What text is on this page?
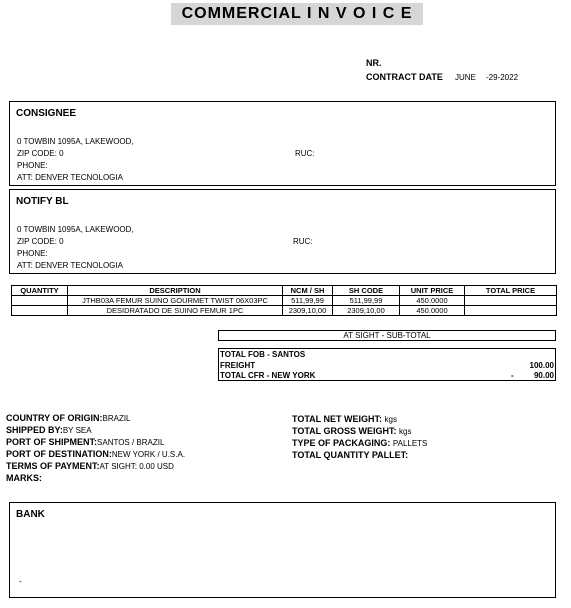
COMMERCIAL I N V O I C E
NR.
CONTRACT DATE JUNE -29-2022
CONSIGNEE
0 TOWBIN 1095A, LAKEWOOD,
ZIP CODE: 0
PHONE:
ATT: DENVER TECNOLOGIA
RUC:
NOTIFY BL
0 TOWBIN 1095A, LAKEWOOD,
ZIP CODE: 0
PHONE:
ATT: DENVER TECNOLOGIA
RUC:
QUANTITY	DESCRIPTION	NCM / SH	SH CODE	UNIT PRICE	TOTAL PRICE
	JTHB03A FEMUR SUINO GOURMET TWIST 06X03PC	511,99,99	511,99,99	450.0000	
	DESIDRATADO DE SUINO FEMUR 1PC	2309,10,00	2309,10,00	450.0000	
AT SIGHT - SUB-TOTAL
TOTAL FOB - SANTOS
FREIGHT	100.00
TOTAL CFR - NEW YORK	-	90.00
COUNTRY OF ORIGIN:BRAZIL
SHIPPED BY:BY SEA
PORT OF SHIPMENT:SANTOS / BRAZIL
PORT OF DESTINATION:NEW YORK / U.S.A.
TERMS OF PAYMENT:AT SIGHT: 0.00 USD
MARKS:
TOTAL NET WEIGHT: kgs
TOTAL GROSS WEIGHT: kgs
TYPE OF PACKAGING: PALLETS
TOTAL QUANTITY PALLET:
BANK
-
